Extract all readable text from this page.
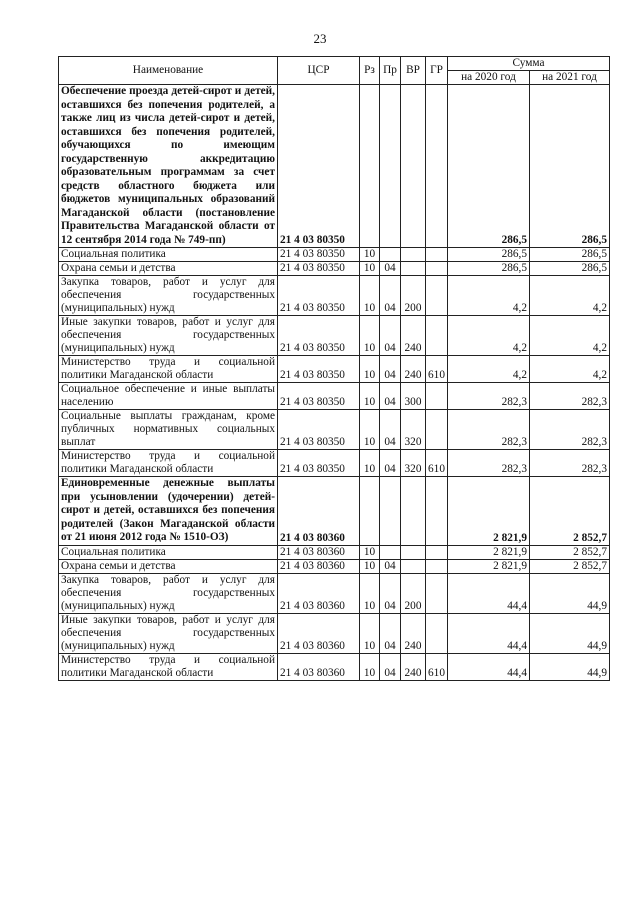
23
Наименование	ЦСР	Рз	Пр	ВР	ГР	Сумма	
						на 2020 год	на 2021 год
Обеспечение проезда детей-сирот и детей, оставшихся без попечения родителей, а также лиц из числа детей-сирот и детей, оставшихся без попечения родителей, обучающихся по имеющим государственную аккредитацию образовательным программам за счет средств областного бюджета или бюджетов муниципальных образований Магаданской области (постановление Правительства Магаданской области от 12 сентября 2014 года № 749-пп)	21 4 03 80350					286,5	286,5
Социальная политика	21 4 03 80350	10				286,5	286,5
Охрана семьи и детства	21 4 03 80350	10	04			286,5	286,5
Закупка товаров, работ и услуг для обеспечения государственных (муниципальных) нужд	21 4 03 80350	10	04	200		4,2	4,2
Иные закупки товаров, работ и услуг для обеспечения государственных (муниципальных) нужд	21 4 03 80350	10	04	240		4,2	4,2
Министерство труда и социальной политики Магаданской области	21 4 03 80350	10	04	240	610	4,2	4,2
Социальное обеспечение и иные выплаты населению	21 4 03 80350	10	04	300		282,3	282,3
Социальные выплаты гражданам, кроме публичных нормативных социальных выплат	21 4 03 80350	10	04	320		282,3	282,3
Министерство труда и социальной политики Магаданской области	21 4 03 80350	10	04	320	610	282,3	282,3
Единовременные денежные выплаты при усыновлении (удочерении) детей-сирот и детей, оставшихся без попечения родителей (Закон Магаданской области от 21 июня 2012 года № 1510-ОЗ)	21 4 03 80360					2 821,9	2 852,7
Социальная политика	21 4 03 80360	10				2 821,9	2 852,7
Охрана семьи и детства	21 4 03 80360	10	04			2 821,9	2 852,7
Закупка товаров, работ и услуг для обеспечения государственных (муниципальных) нужд	21 4 03 80360	10	04	200		44,4	44,9
Иные закупки товаров, работ и услуг для обеспечения государственных (муниципальных) нужд	21 4 03 80360	10	04	240		44,4	44,9
Министерство труда и социальной политики Магаданской области	21 4 03 80360	10	04	240	610	44,4	44,9
